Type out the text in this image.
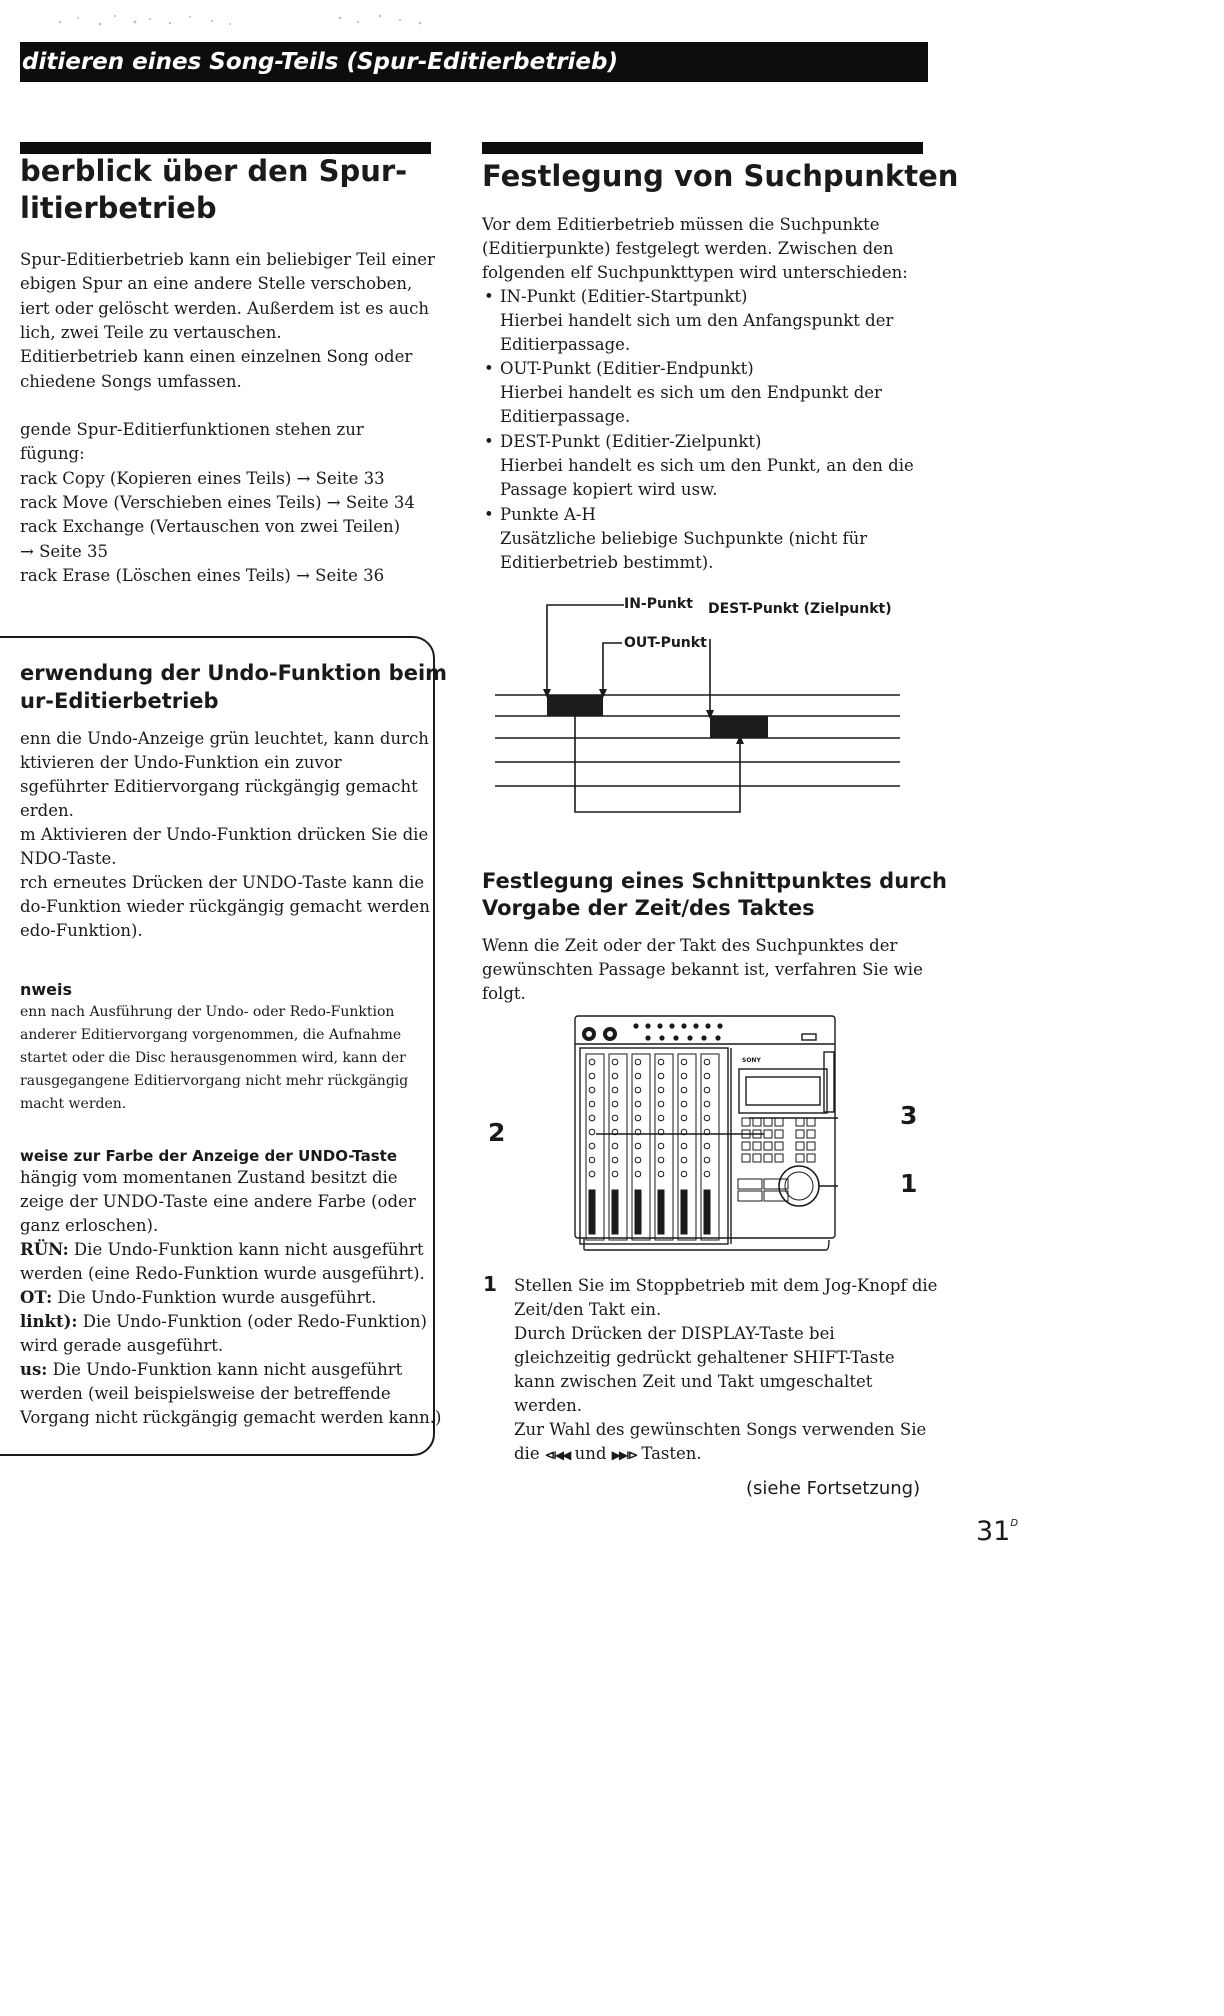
ditieren eines Song-Teils (Spur-Editierbetrieb)
berblick über den Spur-
litierbetrieb
Spur-Editierbetrieb kann ein beliebiger Teil einer
ebigen Spur an eine andere Stelle verschoben,
iert oder gelöscht werden. Außerdem ist es auch
lich, zwei Teile zu vertauschen.
Editierbetrieb kann einen einzelnen Song oder
chiedene Songs umfassen.
gende Spur-Editierfunktionen stehen zur
fügung:
rack Copy (Kopieren eines Teils) → Seite 33
rack Move (Verschieben eines Teils) → Seite 34
rack Exchange (Vertauschen von zwei Teilen)
→ Seite 35
rack Erase (Löschen eines Teils) → Seite 36
erwendung der Undo-Funktion beim
ur-Editierbetrieb
enn die Undo-Anzeige grün leuchtet, kann durch
ktivieren der Undo-Funktion ein zuvor
sgeführter Editiervorgang rückgängig gemacht
erden.
m Aktivieren der Undo-Funktion drücken Sie die
NDO-Taste.
rch erneutes Drücken der UNDO-Taste kann die
do-Funktion wieder rückgängig gemacht werden
edo-Funktion).
nweis
enn nach Ausführung der Undo- oder Redo-Funktion
anderer Editiervorgang vorgenommen, die Aufnahme
startet oder die Disc herausgenommen wird, kann der
rausgegangene Editiervorgang nicht mehr rückgängig
macht werden.
weise zur Farbe der Anzeige der UNDO-Taste
hängig vom momentanen Zustand besitzt die
zeige der UNDO-Taste eine andere Farbe (oder
ganz erloschen).
RÜN: Die Undo-Funktion kann nicht ausgeführt
werden (eine Redo-Funktion wurde ausgeführt).
OT: Die Undo-Funktion wurde ausgeführt.
linkt): Die Undo-Funktion (oder Redo-Funktion)
wird gerade ausgeführt.
us: Die Undo-Funktion kann nicht ausgeführt
werden (weil beispielsweise der betreffende
Vorgang nicht rückgängig gemacht werden kann.)
Festlegung von Suchpunkten
Vor dem Editierbetrieb müssen die Suchpunkte
(Editierpunkte) festgelegt werden. Zwischen den
folgenden elf Suchpunkttypen wird unterschieden:
• IN-Punkt (Editier-Startpunkt)
Hierbei handelt sich um den Anfangspunkt der
Editierpassage.
• OUT-Punkt (Editier-Endpunkt)
Hierbei handelt es sich um den Endpunkt der
Editierpassage.
• DEST-Punkt (Editier-Zielpunkt)
Hierbei handelt es sich um den Punkt, an den die
Passage kopiert wird usw.
• Punkte A-H
Zusätzliche beliebige Suchpunkte (nicht für
Editierbetrieb bestimmt).
IN-Punkt DEST-Punkt (Zielpunkt)
OUT-Punkt
Festlegung eines Schnittpunktes durch
Vorgabe der Zeit/des Taktes
Wenn die Zeit oder der Takt des Suchpunktes der
gewünschten Passage bekannt ist, verfahren Sie wie
folgt.
SONY
2
3
1
1 Stellen Sie im Stoppbetrieb mit dem Jog-Knopf die
Zeit/den Takt ein.
Durch Drücken der DISPLAY-Taste bei
gleichzeitig gedrückt gehaltener SHIFT-Taste
kann zwischen Zeit und Takt umgeschaltet
werden.
Zur Wahl des gewünschten Songs verwenden Sie
die ⧏◀◀ und ▶▶⧐ Tasten.
(siehe Fortsetzung)
$31^D$
